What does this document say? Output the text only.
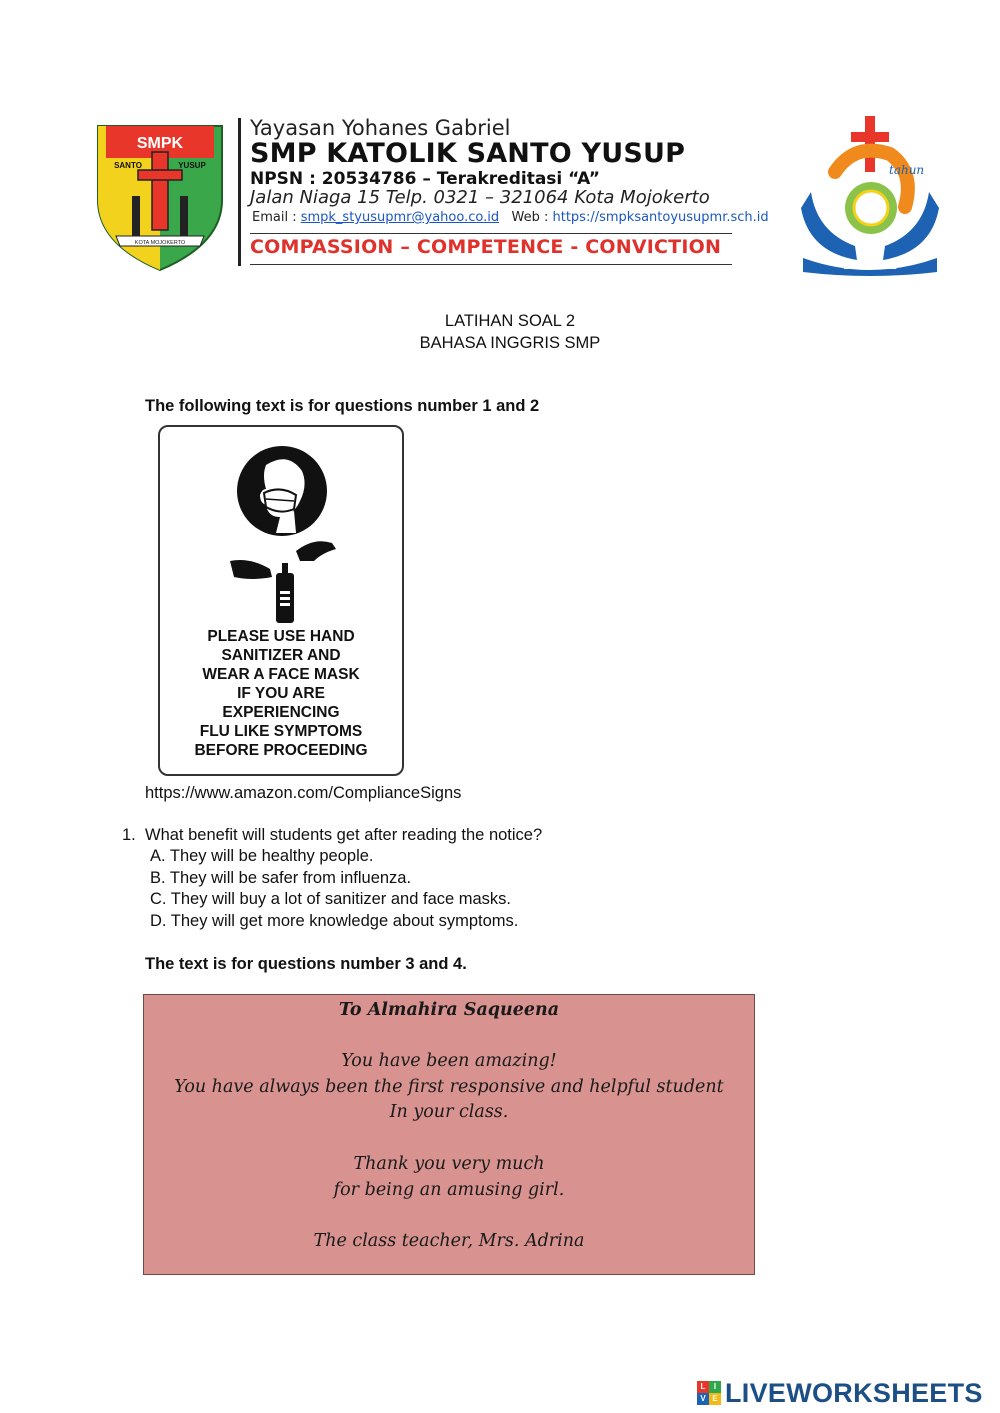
SMPK
SANTO	YUSUP
KOTA MOJOKERTO
Yayasan Yohanes Gabriel
SMP KATOLIK SANTO YUSUP
NPSN : 20534786 – Terakreditasi “A”
Jalan Niaga 15 Telp. 0321 – 321064 Kota Mojokerto
Email : smpk_styusupmr@yahoo.co.id Web : https://smpksantoyusupmr.sch.id
COMPASSION – COMPETENCE - CONVICTION
tahun
1956 - 2022
LATIHAN SOAL 2
BAHASA INGGRIS SMP
The following text is for questions number 1 and 2
PLEASE USE HAND
SANITIZER AND
WEAR A FACE MASK
IF YOU ARE
EXPERIENCING
FLU LIKE SYMPTOMS
BEFORE PROCEEDING
https://www.amazon.com/ComplianceSigns
1. What benefit will students get after reading the notice?
A. They will be healthy people.
B. They will be safer from influenza.
C. They will buy a lot of sanitizer and face masks.
D. They will get more knowledge about symptoms.
The text is for questions number 3 and 4.
To Almahira Saqueena
You have been amazing!
You have always been the first responsive and helpful student
In your class.
Thank you very much
for being an amusing girl.
The class teacher, Mrs. Adrina
L	I
V E LIVEWORKSHEETS
